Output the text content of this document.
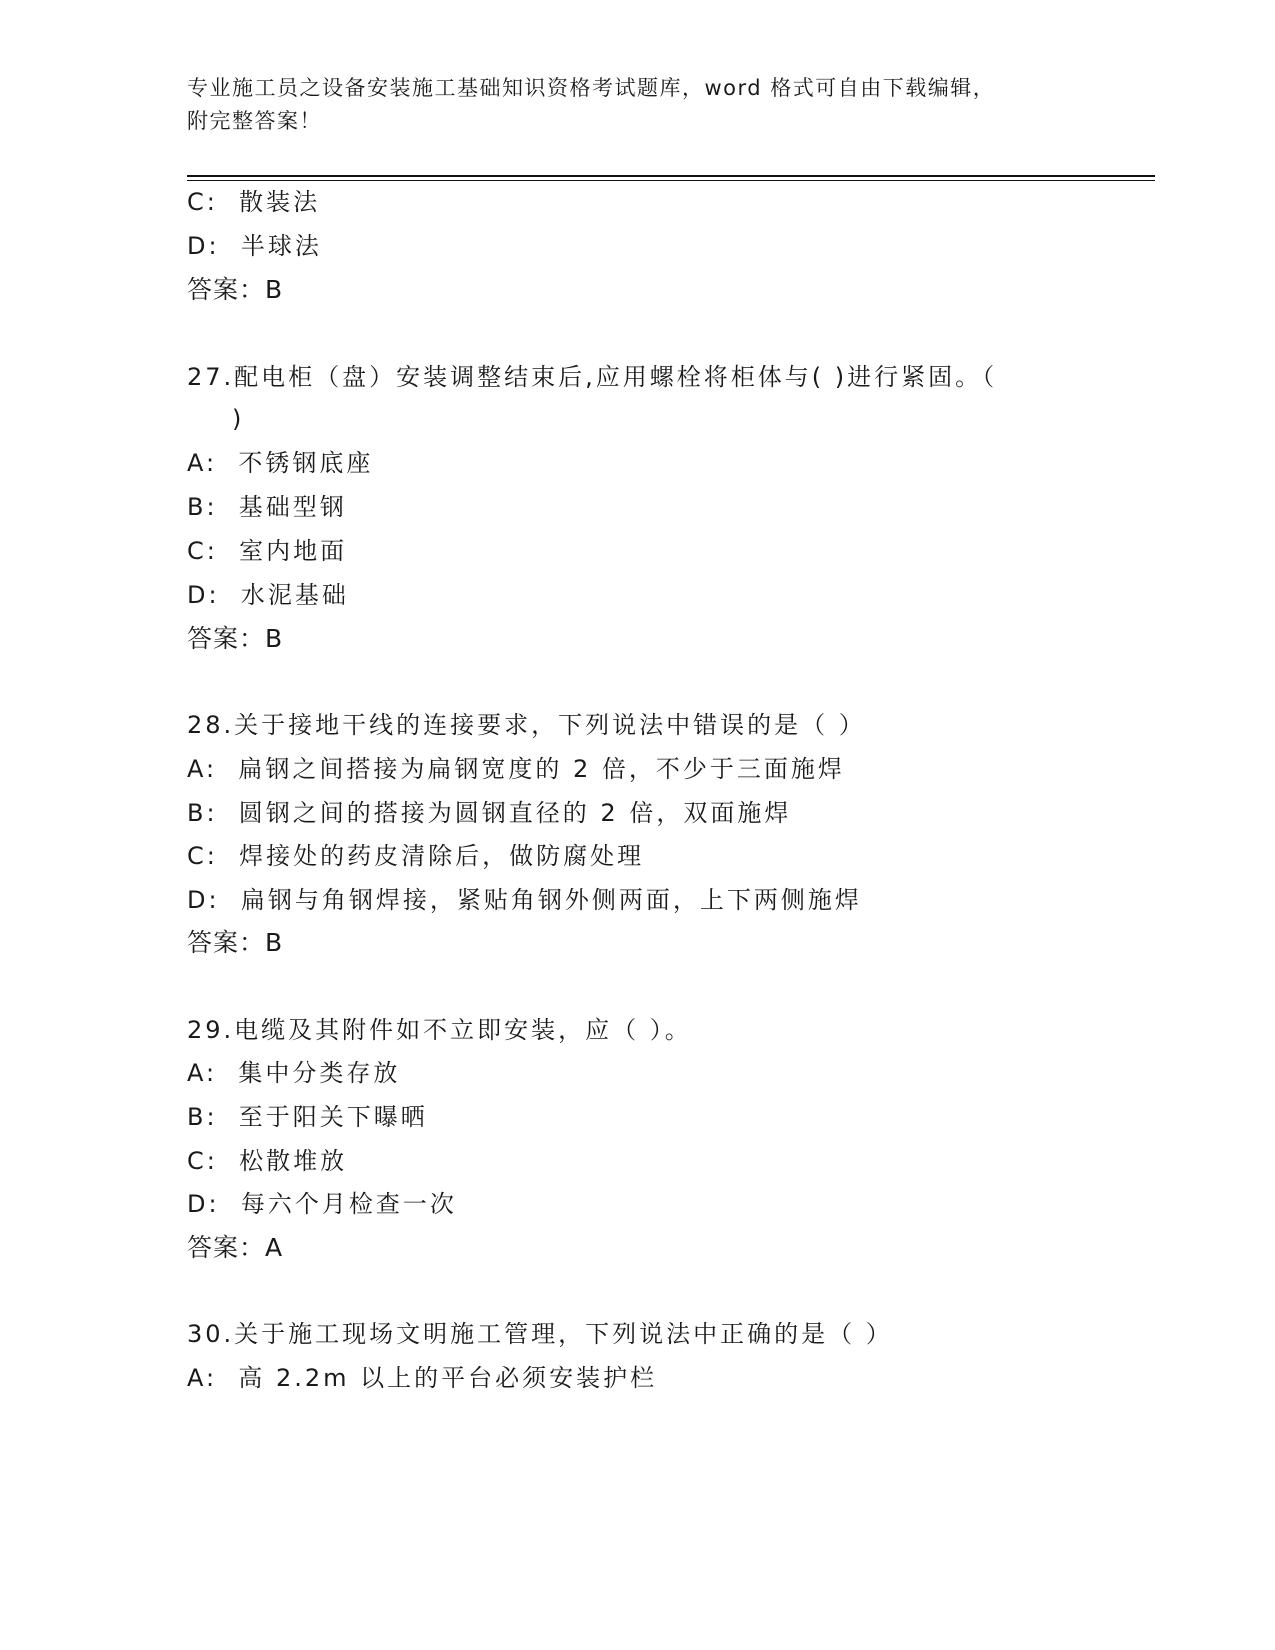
专业施工员之设备安装施工基础知识资格考试题库，word 格式可自由下载编辑，
附完整答案！
C:  散装法
D:  半球法
答案：B
27.配电柜（盘）安装调整结束后,应用螺栓将柜体与( )进行紧固。（
)
A:  不锈钢底座
B:  基础型钢
C:  室内地面
D:  水泥基础
答案：B
28.关于接地干线的连接要求，下列说法中错误的是（ ）
A:  扁钢之间搭接为扁钢宽度的 2 倍，不少于三面施焊
B:  圆钢之间的搭接为圆钢直径的 2 倍，双面施焊
C:  焊接处的药皮清除后，做防腐处理
D:  扁钢与角钢焊接，紧贴角钢外侧两面，上下两侧施焊
答案：B
29.电缆及其附件如不立即安装，应（ ）。
A:  集中分类存放
B:  至于阳关下曝晒
C:  松散堆放
D:  每六个月检查一次
答案：A
30.关于施工现场文明施工管理，下列说法中正确的是（ ）
A:  高 2.2m 以上的平台必须安装护栏
